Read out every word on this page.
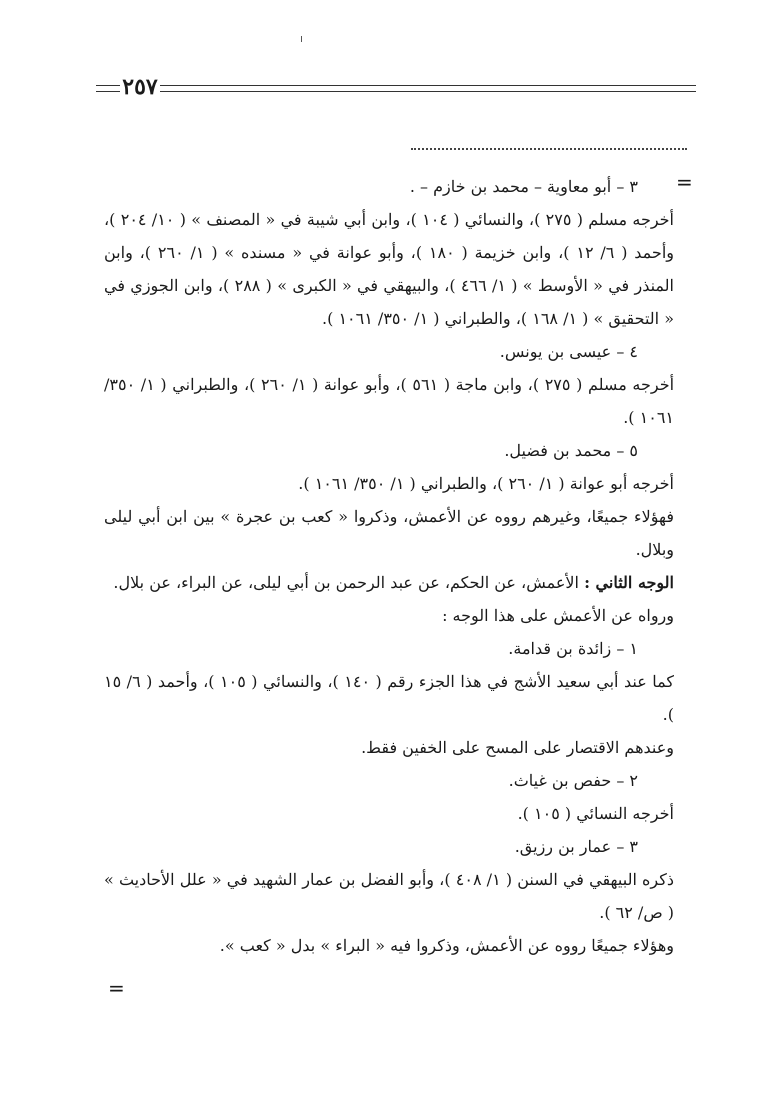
٢٥٧
=

٣ – أبو معاوية – محمد بن خازم – .

أخرجه مسلم ( ٢٧٥ )، والنسائي ( ١٠٤ )، وابن أبي شيبة في « المصنف » ( ١٠/ ٢٠٤ )، وأحمد ( ٦/ ١٢ )، وابن خزيمة ( ١٨٠ )، وأبو عوانة في « مسنده » ( ١/ ٢٦٠ )، وابن المنذر في « الأوسط » ( ١/ ٤٦٦ )، والبيهقي في « الكبرى » ( ٢٨٨ )، وابن الجوزي في « التحقيق » ( ١/ ١٦٨ )، والطبراني ( ١/ ٣٥٠/ ١٠٦١ ).

٤ – عيسى بن يونس.

أخرجه مسلم ( ٢٧٥ )، وابن ماجة ( ٥٦١ )، وأبو عوانة ( ١/ ٢٦٠ )، والطبراني ( ١/ ٣٥٠/ ١٠٦١ ).

٥ – محمد بن فضيل.

أخرجه أبو عوانة ( ١/ ٢٦٠ )، والطبراني ( ١/ ٣٥٠/ ١٠٦١ ).

فهؤلاء جميعًا، وغيرهم رووه عن الأعمش، وذكروا « كعب بن عجرة » بين ابن أبي ليلى وبلال.

الوجه الثاني : الأعمش، عن الحكم، عن عبد الرحمن بن أبي ليلى، عن البراء، عن بلال.

ورواه عن الأعمش على هذا الوجه :

١ – زائدة بن قدامة.

كما عند أبي سعيد الأشج في هذا الجزء رقم ( ١٤٠ )، والنسائي ( ١٠٥ )، وأحمد ( ٦/ ١٥ ).

وعندهم الاقتصار على المسح على الخفين فقط.

٢ – حفص بن غياث.

أخرجه النسائي ( ١٠٥ ).

٣ – عمار بن رزيق.

ذكره البيهقي في السنن ( ١/ ٤٠٨ )، وأبو الفضل بن عمار الشهيد في « علل الأحاديث » ( ص/ ٦٢ ).

وهؤلاء جميعًا رووه عن الأعمش، وذكروا فيه « البراء » بدل « كعب ».

=
